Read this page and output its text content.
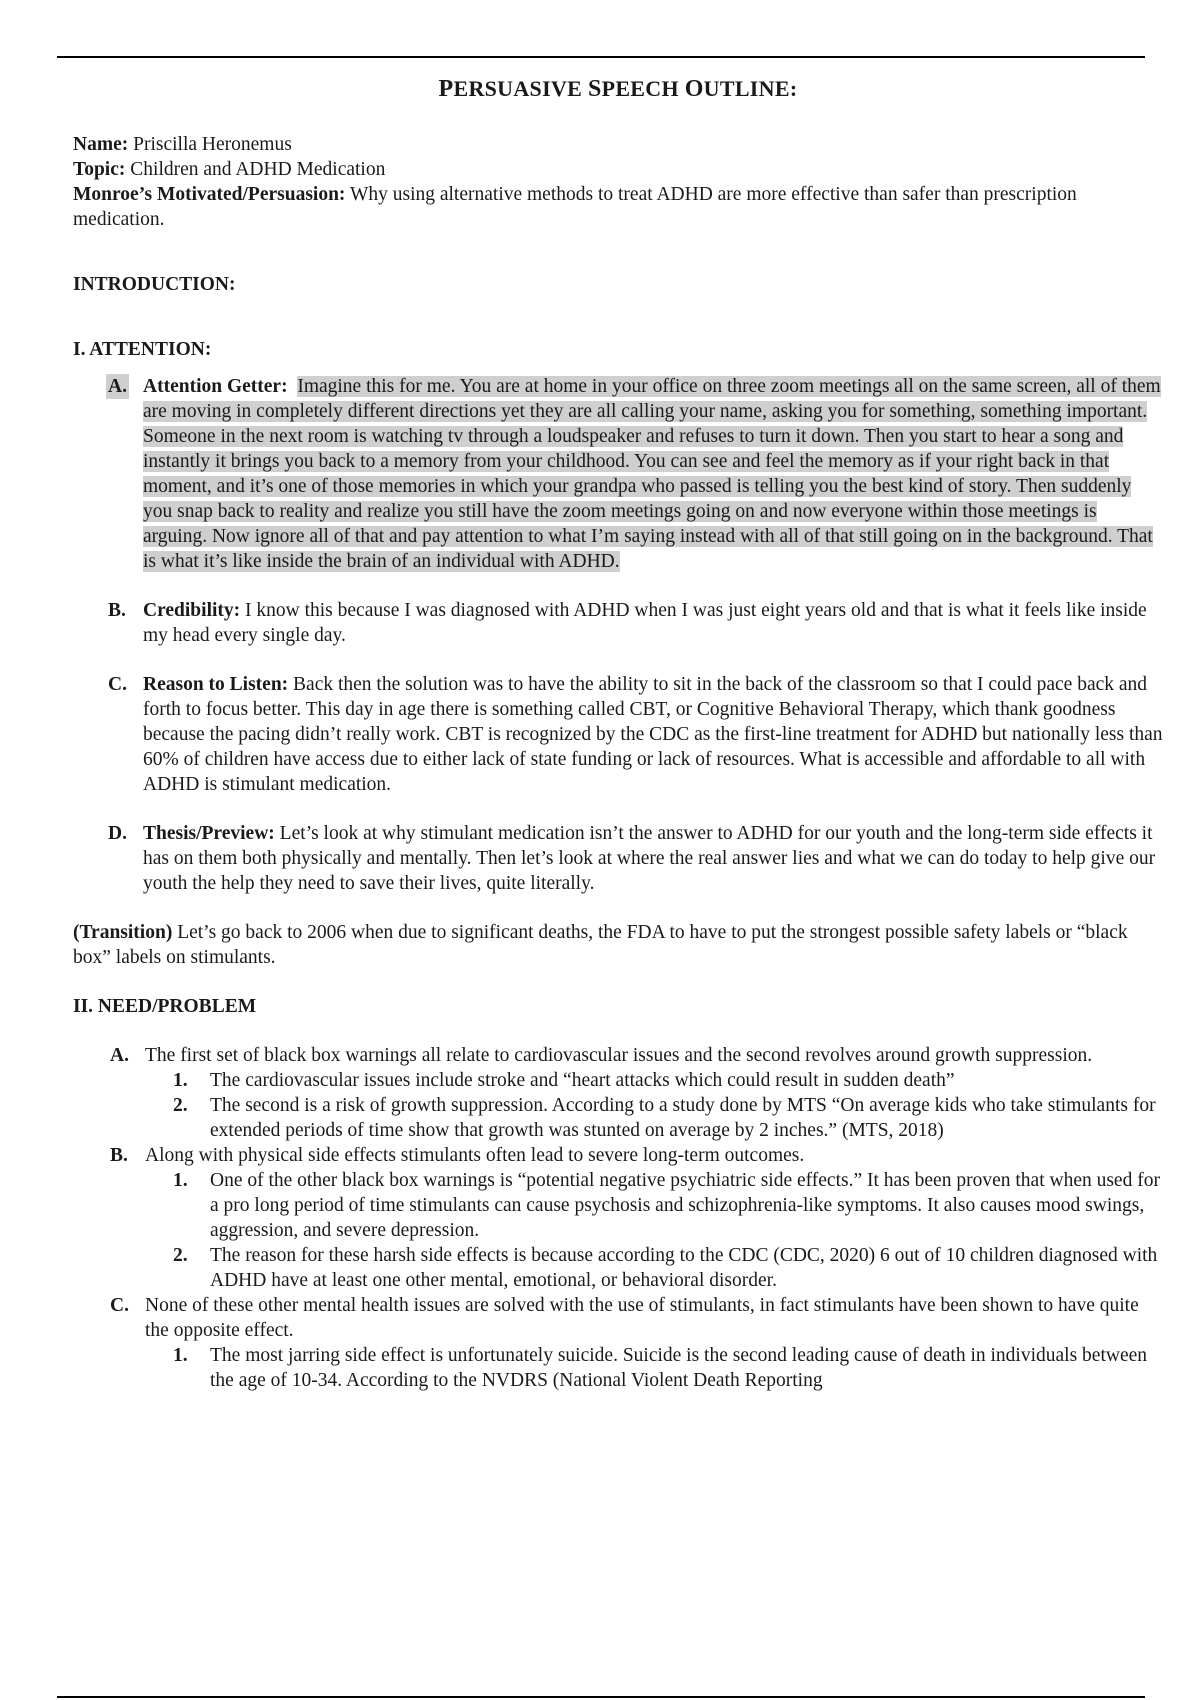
PERSUASIVE SPEECH OUTLINE:

Name: Priscilla Heronemus

Topic: Children and ADHD Medication

Monroe’s Motivated/Persuasion: Why using alternative methods to treat ADHD are more effective than safer than prescription medication.

INTRODUCTION:

I. ATTENTION:

A. Attention Getter: Imagine this for me. You are at home in your office on three zoom meetings all on the same screen, all of them are moving in completely different directions yet they are all calling your name, asking you for something, something important. Someone in the next room is watching tv through a loudspeaker and refuses to turn it down. Then you start to hear a song and instantly it brings you back to a memory from your childhood. You can see and feel the memory as if your right back in that moment, and it’s one of those memories in which your grandpa who passed is telling you the best kind of story. Then suddenly you snap back to reality and realize you still have the zoom meetings going on and now everyone within those meetings is arguing. Now ignore all of that and pay attention to what I’m saying instead with all of that still going on in the background. That is what it’s like inside the brain of an individual with ADHD.
B. Credibility: I know this because I was diagnosed with ADHD when I was just eight years old and that is what it feels like inside my head every single day.
C. Reason to Listen: Back then the solution was to have the ability to sit in the back of the classroom so that I could pace back and forth to focus better. This day in age there is something called CBT, or Cognitive Behavioral Therapy, which thank goodness because the pacing didn’t really work. CBT is recognized by the CDC as the first-line treatment for ADHD but nationally less than 60% of children have access due to either lack of state funding or lack of resources. What is accessible and affordable to all with ADHD is stimulant medication.
D. Thesis/Preview: Let’s look at why stimulant medication isn’t the answer to ADHD for our youth and the long-term side effects it has on them both physically and mentally. Then let’s look at where the real answer lies and what we can do today to help give our youth the help they need to save their lives, quite literally.

(Transition) Let’s go back to 2006 when due to significant deaths, the FDA to have to put the strongest possible safety labels or “black box” labels on stimulants.

II. NEED/PROBLEM

A. The first set of black box warnings all relate to cardiovascular issues and the second revolves around growth suppression.
1. The cardiovascular issues include stroke and “heart attacks which could result in sudden death”
2. The second is a risk of growth suppression. According to a study done by MTS “On average kids who take stimulants for extended periods of time show that growth was stunted on average by 2 inches.” (MTS, 2018)
B. Along with physical side effects stimulants often lead to severe long-term outcomes.
1. One of the other black box warnings is “potential negative psychiatric side effects.” It has been proven that when used for a pro long period of time stimulants can cause psychosis and schizophrenia-like symptoms. It also causes mood swings, aggression, and severe depression.
2. The reason for these harsh side effects is because according to the CDC (CDC, 2020) 6 out of 10 children diagnosed with ADHD have at least one other mental, emotional, or behavioral disorder.
C. None of these other mental health issues are solved with the use of stimulants, in fact stimulants have been shown to have quite the opposite effect.
1. The most jarring side effect is unfortunately suicide. Suicide is the second leading cause of death in individuals between the age of 10-34. According to the NVDRS (National Violent Death Reporting
